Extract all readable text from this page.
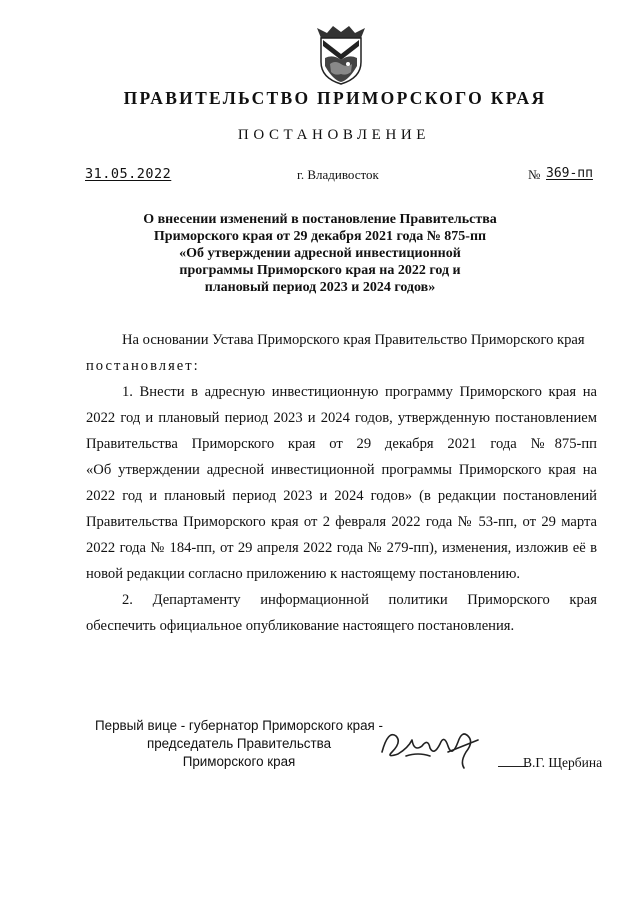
ПРАВИТЕЛЬСТВО ПРИМОРСКОГО КРАЯ
ПОСТАНОВЛЕНИЕ
31.05.2022	г. Владивосток	№ 369-пп
О внесении изменений в постановление Правительства
Приморского края от 29 декабря 2021 года № 875-пп
«Об утверждении адресной инвестиционной
программы Приморского края на 2022 год и
плановый период 2023 и 2024 годов»
На основании Устава Приморского края Правительство Приморского края
постановляет:
1. Внести в адресную инвестиционную программу Приморского края на
2022 год и плановый период 2023 и 2024 годов, утвержденную постановлением
Правительства Приморского края от 29 декабря 2021 года №875-пп
«Об утверждении адресной инвестиционной программы Приморского края на
2022 год и плановый период 2023 и 2024 годов» (в редакции постановлений
Правительства Приморского края от 2 февраля 2022 года № 53-пп, от 29 марта
2022 года № 184-пп, от 29 апреля 2022 года № 279-пп), изменения, изложив её в
новой редакции согласно приложению к настоящему постановлению.
2. Департаменту информационной политики Приморского края
обеспечить официальное опубликование настоящего постановления.
Первый вице - губернатор Приморского края -
председатель Правительства
Приморского края	В.Г. Щербина
